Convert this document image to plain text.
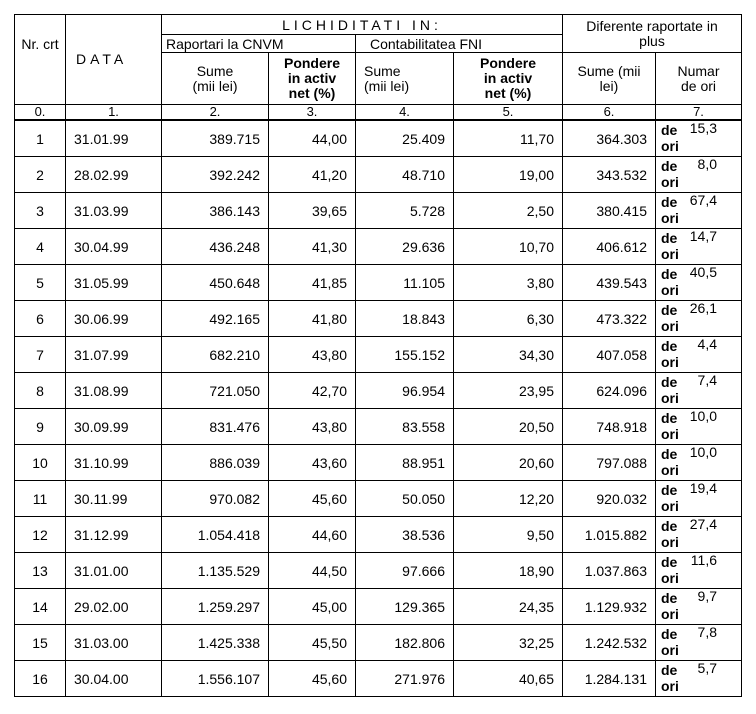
Nr. crt	DATA	LICHIDITATI IN:				Diferente raportate in plus	
		Raportari la CNVM		Contabilitatea FNI			
		Sume (mii lei)	Pondere in activ net (%)	Sume (mii lei)	Pondere in activ net (%)	Sume (mii lei)	Numar de ori
0.	1.	2.	3.	4.	5.	6.	7.
1	31.01.99	389.715	44,00	25.409	11,70	364.303	de 15,3
ori

2	28.02.99	392.242	41,20	48.710	19,00	343.532	de 8,0
ori

3	31.03.99	386.143	39,65	5.728	2,50	380.415	de 67,4
ori

4	30.04.99	436.248	41,30	29.636	10,70	406.612	de 14,7
ori

5	31.05.99	450.648	41,85	11.105	3,80	439.543	de 40,5
ori

6	30.06.99	492.165	41,80	18.843	6,30	473.322	de 26,1
ori

7	31.07.99	682.210	43,80	155.152	34,30	407.058	de 4,4
ori

8	31.08.99	721.050	42,70	96.954	23,95	624.096	de 7,4
ori

9	30.09.99	831.476	43,80	83.558	20,50	748.918	de 10,0
ori

10	31.10.99	886.039	43,60	88.951	20,60	797.088	de 10,0
ori

11	30.11.99	970.082	45,60	50.050	12,20	920.032	de 19,4
ori

12	31.12.99	1.054.418	44,60	38.536	9,50	1.015.882	de 27,4
ori

13	31.01.00	1.135.529	44,50	97.666	18,90	1.037.863	de 11,6
ori

14	29.02.00	1.259.297	45,00	129.365	24,35	1.129.932	de 9,7
ori

15	31.03.00	1.425.338	45,50	182.806	32,25	1.242.532	de 7,8
ori

16	30.04.00	1.556.107	45,60	271.976	40,65	1.284.131	de 5,7
ori
